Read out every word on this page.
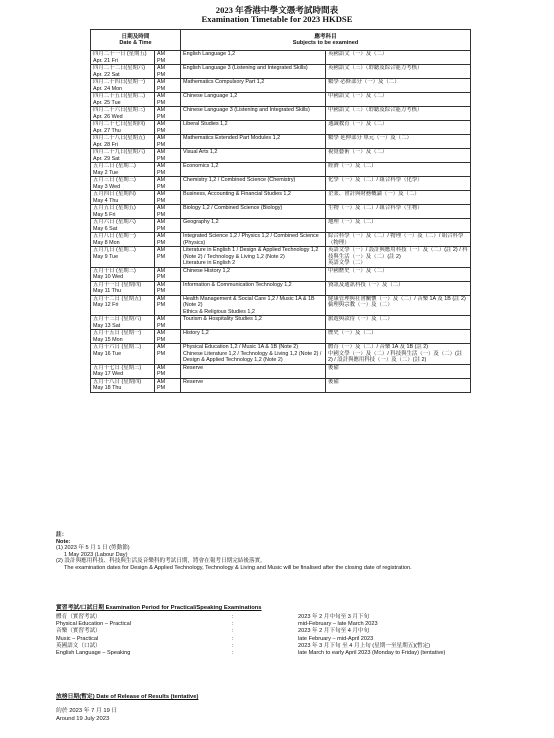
2023 年香港中學文憑考試時間表
Examination Timetable for 2023 HKDSE
日期及時間
Date & Time		應考科目
Subjects to be examined	

四月二十一日 (星期五)
Apr. 21 Fri	AM
PM	English Language 1,2	英國語文（一）及（二）

四月二十二日(星期六)
Apr. 22 Sat	AM
PM	English Language 3 (Listening and Integrated Skills)	英國語文（三）（聆聽及綜合能力考核）

四月二十四日(星期一)
Apr. 24 Mon	AM
PM	Mathematics Compulsory Part 1,2	數學 必修部分（一）及（二）

四月二十五日(星期二)
Apr. 25 Tue	AM
PM	Chinese Language 1,2	中國語文（一）及（二）

四月二十六日(星期三)
Apr. 26 Wed	AM
PM	Chinese Language 3 (Listening and Integrated Skills)	中國語文（三）（聆聽及綜合能力考核）

四月二十七日(星期四)
Apr. 27 Thu	AM
PM	Liberal Studies 1,2	通識教育（一）及（二）

四月二十八日(星期五)
Apr. 28 Fri	AM
PM	Mathematics Extended Part Modules 1,2	數學 延伸部分 單元（一）及（二）

四月二十九日(星期六)
Apr. 29 Sat	AM
PM	Visual Arts 1,2	視覺藝術（一）及（二）

五月二日 (星期二)
May 2 Tue	AM
PM	Economics 1,2	經濟（一）及（二）

五月三日 (星期三)
May 3 Wed	AM
PM	Chemistry 1,2 / Combined Science (Chemistry)	化學（一）及（二）/ 組合科學（化學）

五月四日 (星期四)
May 4 Thu	AM
PM	Business, Accounting & Financial Studies 1,2	企業、會計與財務概論（一）及（二）

五月五日 (星期五)
May 5 Fri	AM
PM	Biology 1,2 / Combined Science (Biology)	生物（一）及（二）/ 組合科學（生物）

五月六日 (星期六)
May 6 Sat	AM
PM	Geography 1,2	地理（一）及（二）

五月八日 (星期一)
May 8 Mon	AM
PM	Integrated Science 1,2 / Physics 1,2 / Combined Science (Physics)	綜合科學（一）及（二）/ 物理（一）及（二）/ 組合科學（物理）

五月九日 (星期二)
May 9 Tue	AM
PM	Literature in English 1 / Design & Applied Technology 1,2 (Note 2) / Technology & Living 1,2 (Note 2)
Literature in English 2	英語文學（一）/ 設計與應用科技（一）及（二）(註 2) / 科技與生活（一）及（二）(註 2)
英語文學（二）

五月十日 (星期三)
May 10 Wed	AM
PM	Chinese History 1,2	中國歷史（一）及（二）

五月十一日 (星期四)
May 11 Thu	AM
PM	Information & Communication Technology 1,2	資訊及通訊科技（一）及（二）

五月十二日 (星期五)
May 12 Fri	AM
PM	Health Management & Social Care 1,2 / Music 1A & 1B (Note 2)
Ethics & Religious Studies 1,2	健康管理與社會關懷（一）及（二）/ 音樂 1A 及 1B (註 2)
倫理與宗教（一）及（二）

五月十三日 (星期六)
May 13 Sat	AM
PM	Tourism & Hospitality Studies 1,2	旅遊與款待（一）及（二）

五月十五日 (星期一)
May 15 Mon	AM
PM	History 1,2	歷史（一）及（二）

五月十六日 (星期二)
May 16 Tue	AM
PM	Physical Education 1,2 / Music 1A & 1B (Note 2)
Chinese Literature 1,2 / Technology & Living 1,2 (Note 2) / Design & Applied Technology 1,2 (Note 2)	體育（一）及（二）/ 音樂 1A 及 1B (註 2)
中國文學（一）及（二）/ 科技與生活（一）及（二）(註 2) / 設計與應用科技（一）及（二）(註 2)

五月十七日 (星期三)
May 17 Wed	AM
PM	Reserve	後備

五月十八日 (星期四)
May 18 Thu	AM
PM	Reserve	後備
註：
Note:
(1) 2023 年 5 月 1 日 (勞動節)
1 May 2023 (Labour Day)
(2) 設計與應用科技、科技與生活及音樂科的考試日期，將會在報考日期完結後落實。
The examination dates for Design & Applied Technology, Technology & Living and Music will be finalised after the closing date of registration.
實習考試/口試日期 Examination Period for Practical/Speaking Examinations
體育（實習考試）	:	2023 年 2 月中旬至 3 月下旬
Physical Education – Practical	:	mid-February – late March 2023
音樂（實習考試）	:	2023 年 2 月下旬至 4 月中旬
Music – Practical	:	late February – mid-April 2023
英國語文（口試）	:	2023 年 3 月下旬 至 4 月上旬 (星期一至星期五)(暫定)
English Language – Speaking	:	late March to early April 2023 (Monday to Friday) (tentative)
放榜日期(暫定) Date of Release of Results (tentative)
約於 2023 年 7 月 19 日
Around 19 July 2023
